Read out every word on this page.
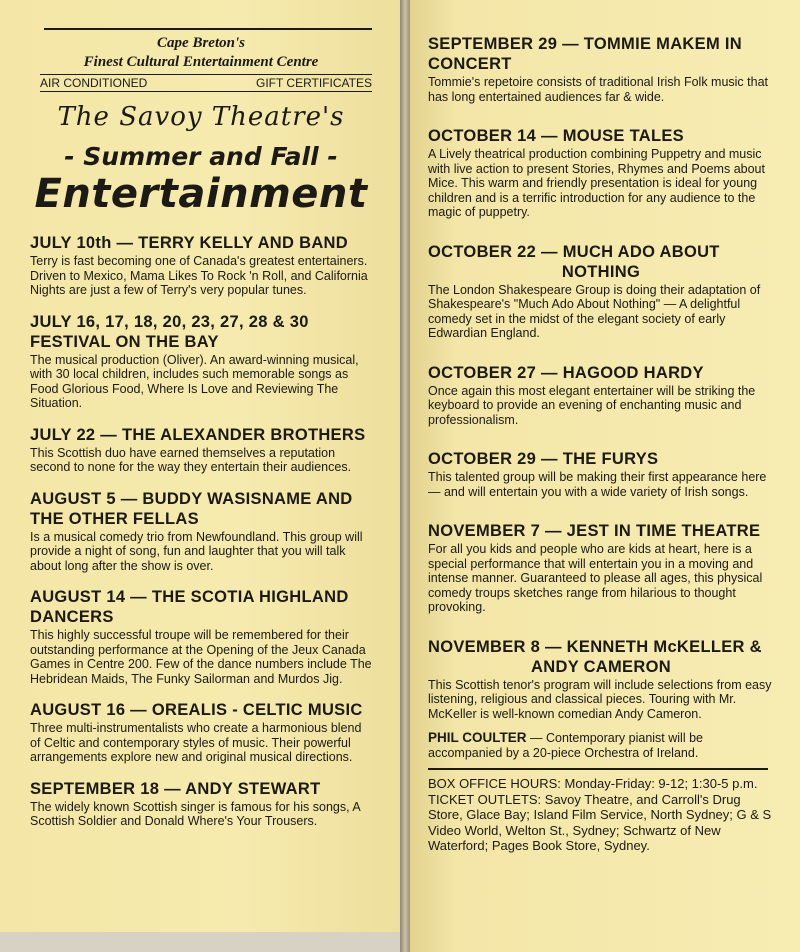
Cape Breton's
Finest Cultural Entertainment Centre
AIR CONDITIONED	GIFT CERTIFICATES
The Savoy Theatre's
- Summer and Fall -
Entertainment
JULY 10th — TERRY KELLY AND BAND
Terry is fast becoming one of Canada's greatest entertainers. Driven to Mexico, Mama Likes To Rock 'n Roll, and California Nights are just a few of Terry's very popular tunes.
JULY 16, 17, 18, 20, 23, 27, 28 & 30 FESTIVAL ON THE BAY
The musical production (Oliver). An award-winning musical, with 30 local children, includes such memorable songs as Food Glorious Food, Where Is Love and Reviewing The Situation.
JULY 22 — THE ALEXANDER BROTHERS
This Scottish duo have earned themselves a reputation second to none for the way they entertain their audiences.
AUGUST 5 — BUDDY WASISNAME AND THE OTHER FELLAS
Is a musical comedy trio from Newfoundland. This group will provide a night of song, fun and laughter that you will talk about long after the show is over.
AUGUST 14 — THE SCOTIA HIGHLAND DANCERS
This highly successful troupe will be remembered for their outstanding performance at the Opening of the Jeux Canada Games in Centre 200. Few of the dance numbers include The Hebridean Maids, The Funky Sailorman and Murdos Jig.
AUGUST 16 — OREALIS - CELTIC MUSIC
Three multi-instrumentalists who create a harmonious blend of Celtic and contemporary styles of music. Their powerful arrangements explore new and original musical directions.
SEPTEMBER 18 — ANDY STEWART
The widely known Scottish singer is famous for his songs, A Scottish Soldier and Donald Where's Your Trousers.
SEPTEMBER 29 — TOMMIE MAKEM IN CONCERT
Tommie's repetoire consists of traditional Irish Folk music that has long entertained audiences far & wide.
OCTOBER 14 — MOUSE TALES
A Lively theatrical production combining Puppetry and music with live action to present Stories, Rhymes and Poems about Mice. This warm and friendly presentation is ideal for young children and is a terrific introduction for any audience to the magic of puppetry.
OCTOBER 22 — MUCH ADO ABOUT
NOTHING
The London Shakespeare Group is doing their adaptation of Shakespeare's "Much Ado About Nothing" — A delightful comedy set in the midst of the elegant society of early Edwardian England.
OCTOBER 27 — HAGOOD HARDY
Once again this most elegant entertainer will be striking the keyboard to provide an evening of enchanting music and professionalism.
OCTOBER 29 — THE FURYS
This talented group will be making their first appearance here — and will entertain you with a wide variety of Irish songs.
NOVEMBER 7 — JEST IN TIME THEATRE
For all you kids and people who are kids at heart, here is a special performance that will entertain you in a moving and intense manner. Guaranteed to please all ages, this physical comedy troups sketches range from hilarious to thought provoking.
NOVEMBER 8 — KENNETH McKELLER &
ANDY CAMERON
This Scottish tenor's program will include selections from easy listening, religious and classical pieces. Touring with Mr. McKeller is well-known comedian Andy Cameron.
PHIL COULTER — Contemporary pianist will be accompanied by a 20-piece Orchestra of Ireland.
BOX OFFICE HOURS: Monday-Friday: 9-12; 1:30-5 p.m.
TICKET OUTLETS: Savoy Theatre, and Carroll's Drug Store, Glace Bay; Island Film Service, North Sydney; G & S Video World, Welton St., Sydney; Schwartz of New Waterford; Pages Book Store, Sydney.
